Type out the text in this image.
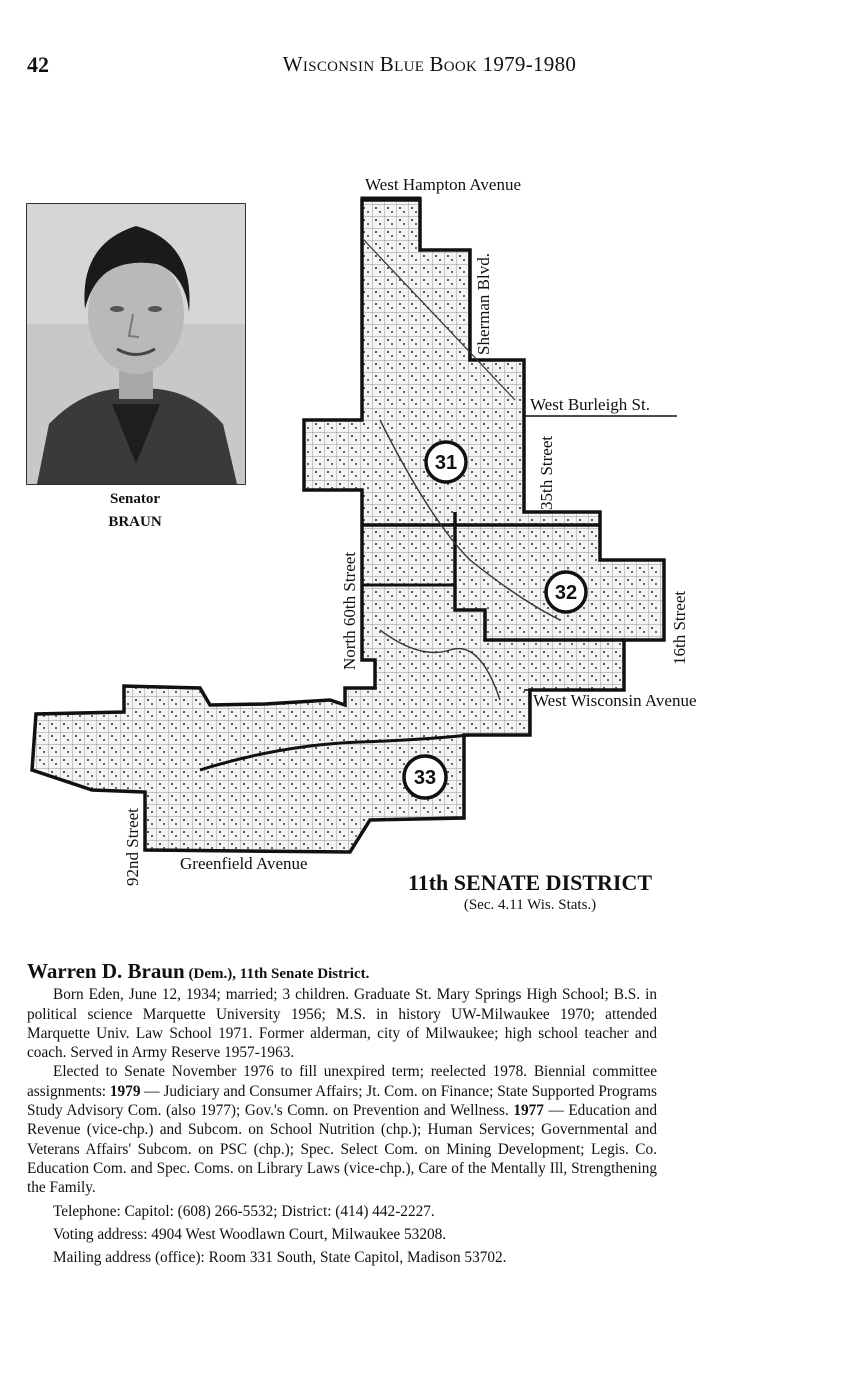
42	WISCONSIN BLUE BOOK 1979-1980
Senator
BRAUN
31
32
33
West Hampton Avenue
Sherman Blvd.
West Burleigh St.
35th Street
North 60th Street	16th Street
West Wisconsin Avenue
92nd Street Greenfield Avenue
11th SENATE DISTRICT
(Sec. 4.11 Wis. Stats.)

Warren D. Braun (Dem.), 11th Senate District.

Born Eden, June 12, 1934; married; 3 children. Graduate St. Mary Springs High School; B.S. in political science Marquette University 1956; M.S. in history UW-Milwaukee 1970; attended Marquette Univ. Law School 1971. Former alderman, city of Milwaukee; high school teacher and coach. Served in Army Reserve 1957-1963.

Elected to Senate November 1976 to fill unexpired term; reelected 1978. Biennial committee assignments: 1979 — Judiciary and Consumer Affairs; Jt. Com. on Finance; State Supported Programs Study Advisory Com. (also 1977); Gov.'s Comn. on Prevention and Wellness. 1977 — Education and Revenue (vice-chp.) and Subcom. on School Nutrition (chp.); Human Services; Governmental and Veterans Affairs' Subcom. on PSC (chp.); Spec. Select Com. on Mining Development; Legis. Co. Education Com. and Spec. Coms. on Library Laws (vice-chp.), Care of the Mentally Ill, Strengthening the Family.

Telephone: Capitol: (608) 266-5532; District: (414) 442-2227.

Voting address: 4904 West Woodlawn Court, Milwaukee 53208.

Mailing address (office): Room 331 South, State Capitol, Madison 53702.
